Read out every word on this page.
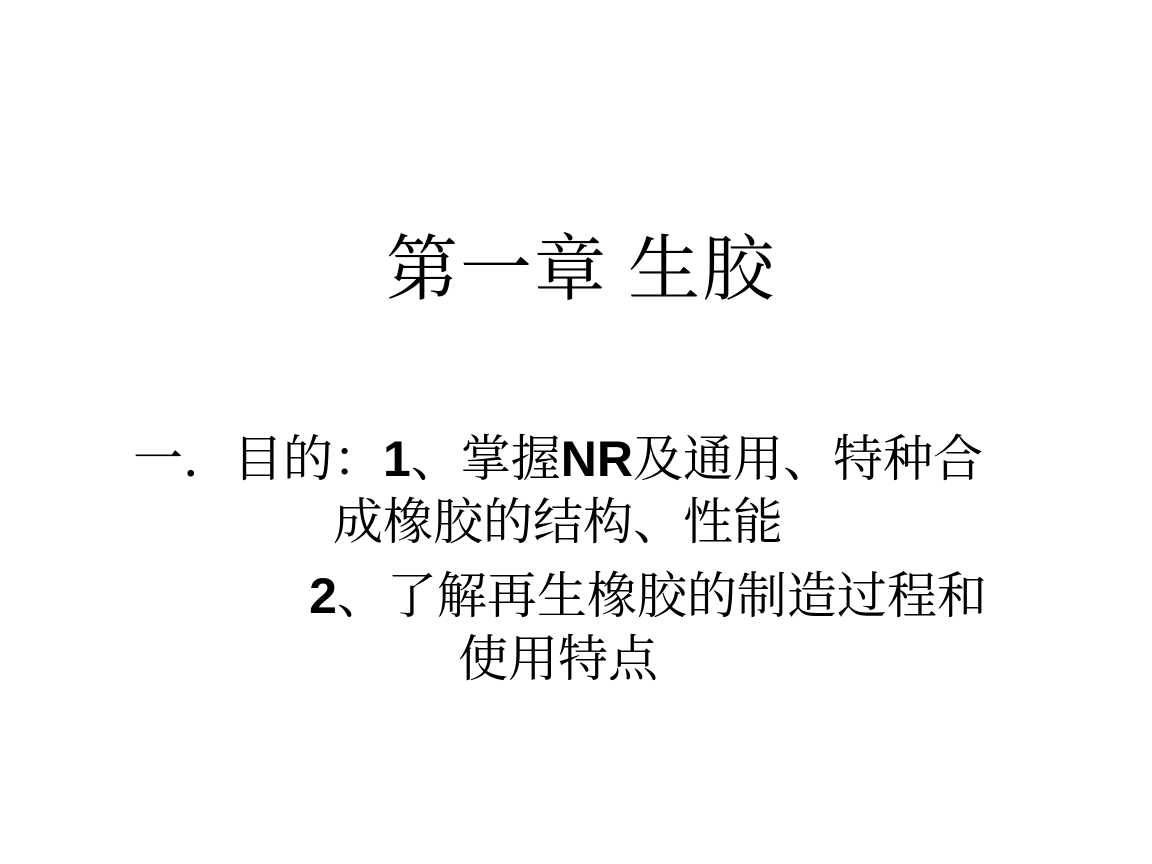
第一章 生胶
一．目的：1、掌握NR及通用、特种合
成橡胶的结构、性能
2、了解再生橡胶的制造过程和
使用特点
